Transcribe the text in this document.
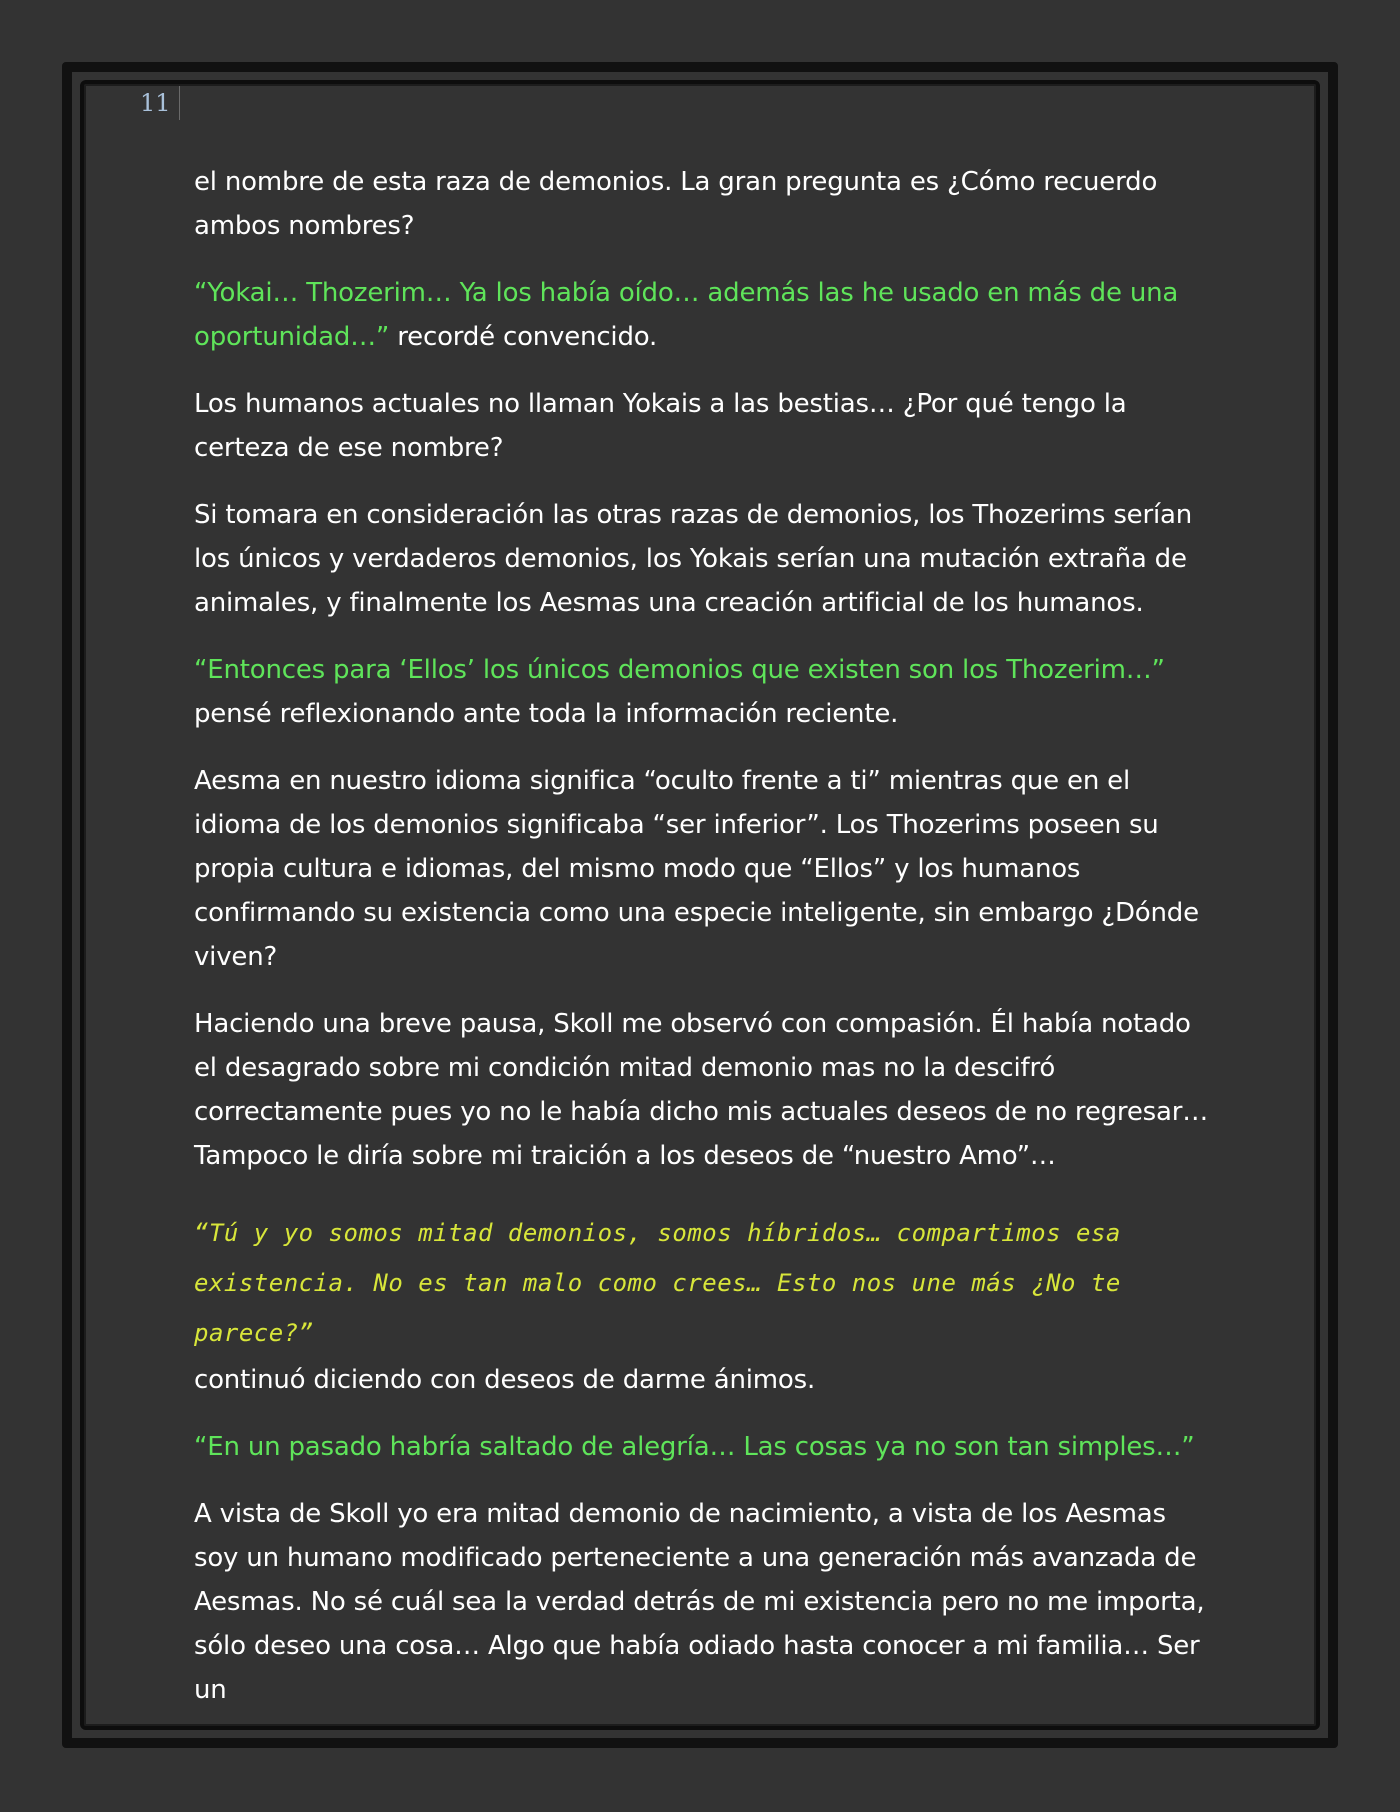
11

el nombre de esta raza de demonios. La gran pregunta es ¿Cómo recuerdo ambos nombres?

“Yokai… Thozerim… Ya los había oído… además las he usado en más de una oportunidad…” recordé convencido.

Los humanos actuales no llaman Yokais a las bestias… ¿Por qué tengo la certeza de ese nombre?

Si tomara en consideración las otras razas de demonios, los Thozerims serían los únicos y verdaderos demonios, los Yokais serían una mutación extraña de animales, y finalmente los Aesmas una creación artificial de los humanos.

“Entonces para ‘Ellos’ los únicos demonios que existen son los Thozerim…” pensé reflexionando ante toda la información reciente.

Aesma en nuestro idioma significa “oculto frente a ti” mientras que en el idioma de los demonios significaba “ser inferior”. Los Thozerims poseen su propia cultura e idiomas, del mismo modo que “Ellos” y los humanos confirmando su existencia como una especie inteligente, sin embargo ¿Dónde viven?

Haciendo una breve pausa, Skoll me observó con compasión. Él había notado el desagrado sobre mi condición mitad demonio mas no la descifró correctamente pues yo no le había dicho mis actuales deseos de no regresar… Tampoco le diría sobre mi traición a los deseos de “nuestro Amo”…

“Tú y yo somos mitad demonios, somos híbridos… compartimos esa existencia. No es tan malo como crees… Esto nos une más ¿No te parece?”
continuó diciendo con deseos de darme ánimos.

“En un pasado habría saltado de alegría… Las cosas ya no son tan simples…”

A vista de Skoll yo era mitad demonio de nacimiento, a vista de los Aesmas soy un humano modificado perteneciente a una generación más avanzada de Aesmas. No sé cuál sea la verdad detrás de mi existencia pero no me importa, sólo deseo una cosa… Algo que había odiado hasta conocer a mi familia… Ser un
